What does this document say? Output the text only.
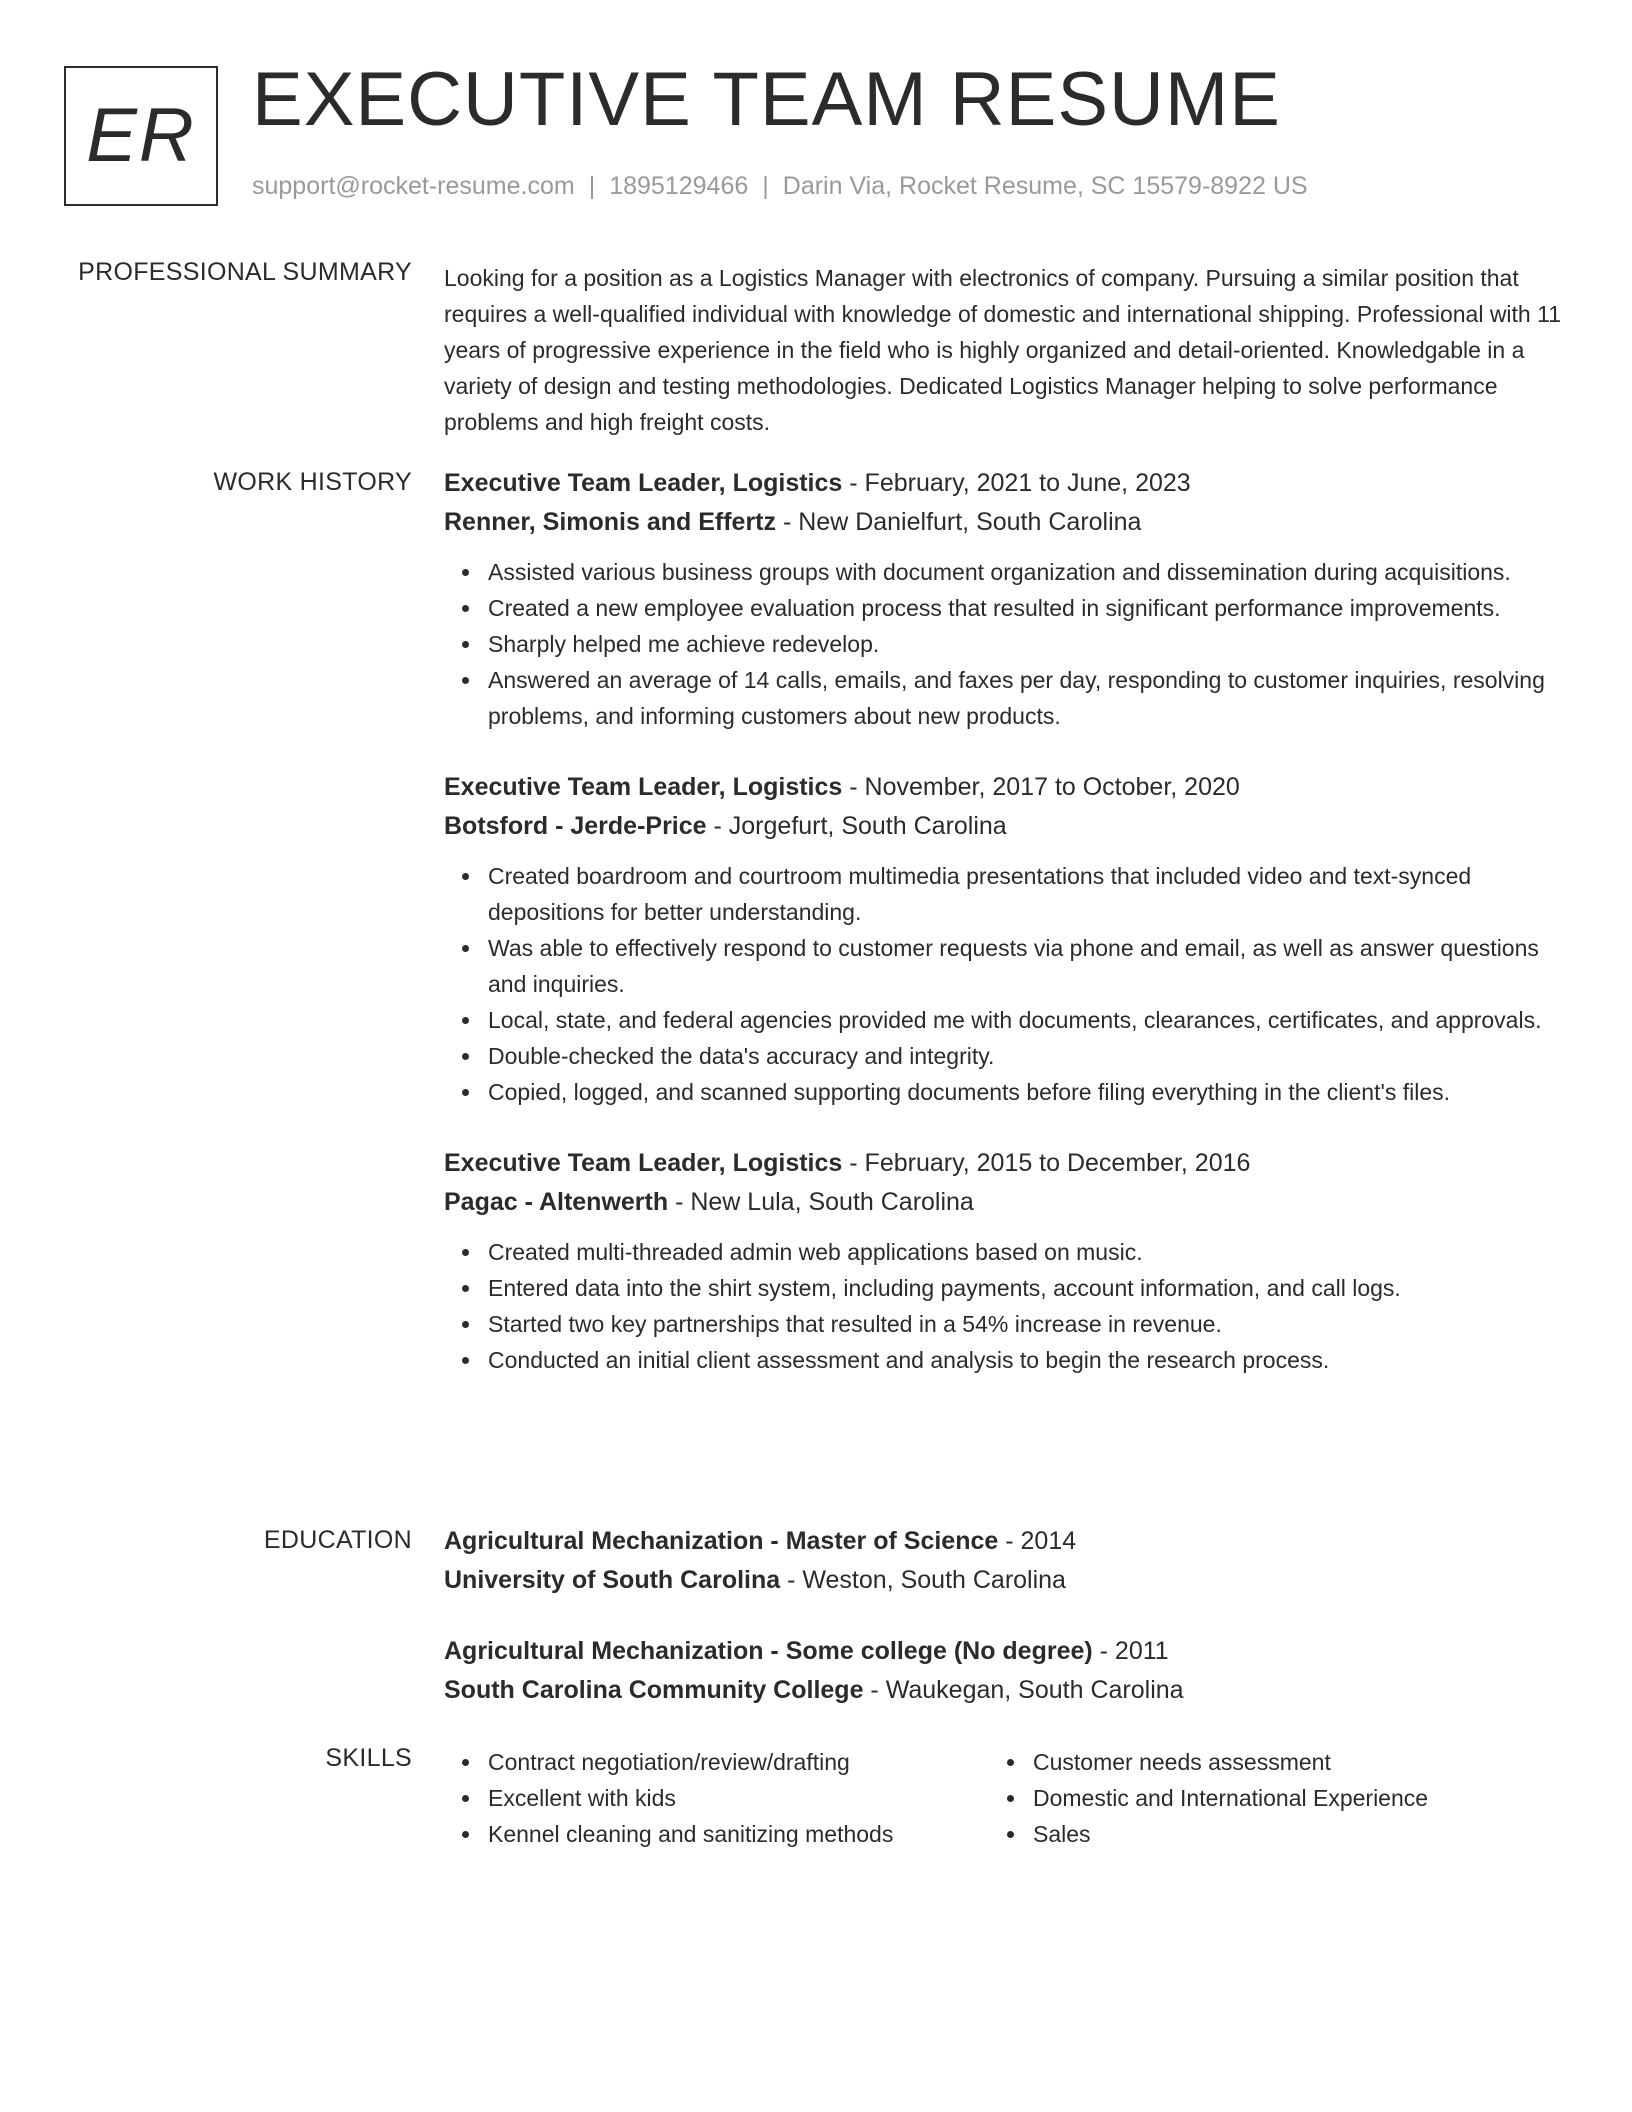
ER EXECUTIVE TEAM RESUME
support@rocket-resume.com | 1895129466 | Darin Via, Rocket Resume, SC 15579-8922 US
PROFESSIONAL SUMMARY Looking for a position as a Logistics Manager with electronics of company. Pursuing a similar position that requires a well-qualified individual with knowledge of domestic and international shipping. Professional with 11 years of progressive experience in the field who is highly organized and detail-oriented. Knowledgable in a variety of design and testing methodologies. Dedicated Logistics Manager helping to solve performance problems and high freight costs.

WORK HISTORY Executive Team Leader, Logistics - February, 2021 to June, 2023
Renner, Simonis and Effertz - New Danielfurt, South Carolina
Assisted various business groups with document organization and dissemination during acquisitions.
Created a new employee evaluation process that resulted in significant performance improvements.
Sharply helped me achieve redevelop.
Answered an average of 14 calls, emails, and faxes per day, responding to customer inquiries, resolving problems, and informing customers about new products.
Executive Team Leader, Logistics - November, 2017 to October, 2020
Botsford - Jerde-Price - Jorgefurt, South Carolina
Created boardroom and courtroom multimedia presentations that included video and text-synced depositions for better understanding.
Was able to effectively respond to customer requests via phone and email, as well as answer questions and inquiries.
Local, state, and federal agencies provided me with documents, clearances, certificates, and approvals.
Double-checked the data's accuracy and integrity.
Copied, logged, and scanned supporting documents before filing everything in the client's files.
Executive Team Leader, Logistics - February, 2015 to December, 2016
Pagac - Altenwerth - New Lula, South Carolina
Created multi-threaded admin web applications based on music.
Entered data into the shirt system, including payments, account information, and call logs.
Started two key partnerships that resulted in a 54% increase in revenue.
Conducted an initial client assessment and analysis to begin the research process.
EDUCATION Agricultural Mechanization - Master of Science - 2014
University of South Carolina - Weston, South Carolina
Agricultural Mechanization - Some college (No degree) - 2011
South Carolina Community College - Waukegan, South Carolina
SKILLS	Contract negotiation/review/drafting
Excellent with kids
Kennel cleaning and sanitizing methods
Customer needs assessment
Domestic and International Experience
Sales
